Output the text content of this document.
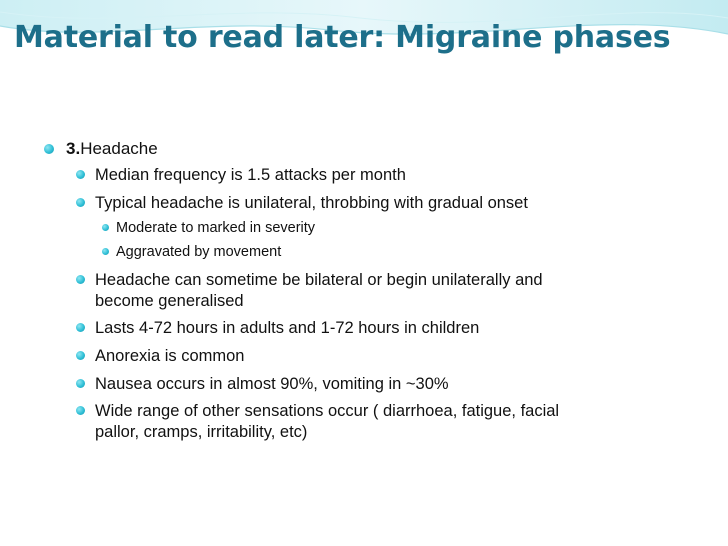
Material to read later: Migraine phases
3.Headache
Median frequency is 1.5 attacks per month
Typical headache is unilateral, throbbing with gradual onset
Moderate to marked in severity
Aggravated by movement
Headache can sometime be bilateral or begin unilaterally and
become generalised
Lasts 4-72 hours in adults and 1-72 hours in children
Anorexia is common
Nausea occurs in almost 90%, vomiting in ~30%
Wide range of other sensations occur ( diarrhoea, fatigue, facial
pallor, cramps, irritability, etc)
